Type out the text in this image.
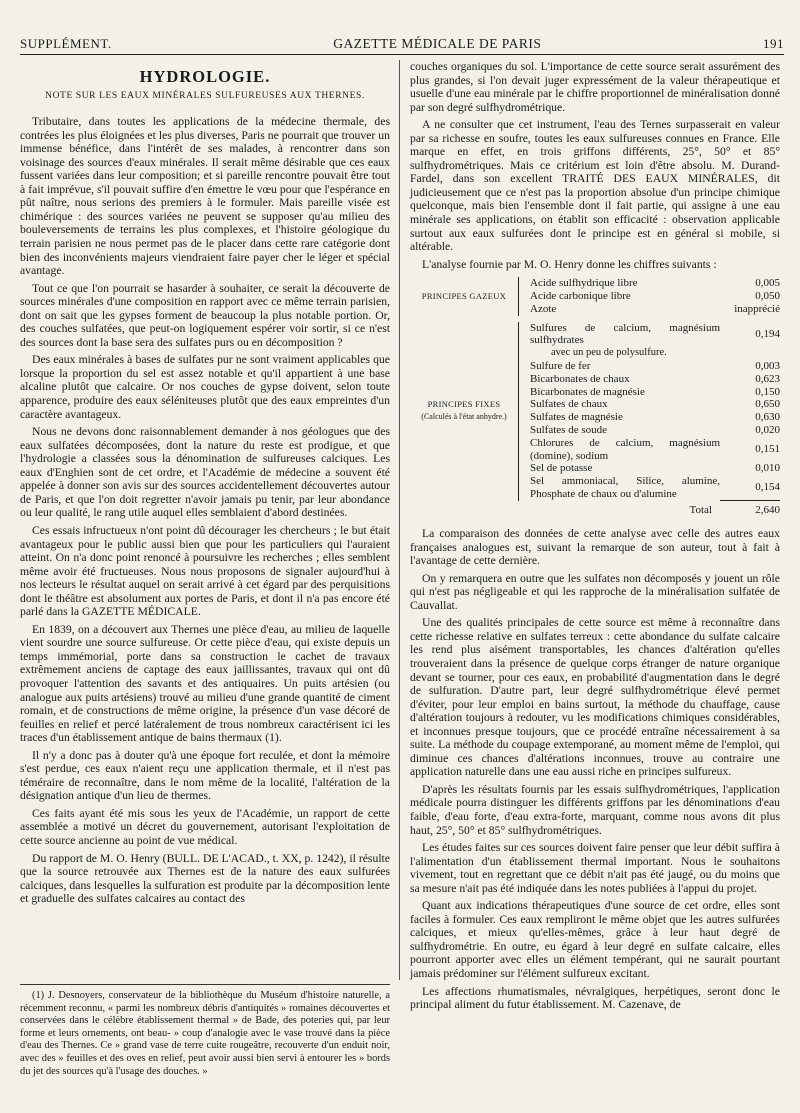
SUPPLÉMENT.	GAZETTE MÉDICALE DE PARIS	191
HYDROLOGIE.
NOTE SUR LES EAUX MINÉRALES SULFUREUSES AUX THERNES.

Tributaire, dans toutes les applications de la médecine thermale, des contrées les plus éloignées et les plus diverses, Paris ne pourrait que trouver un immense bénéfice, dans l'intérêt de ses malades, à rencontrer dans son voisinage des sources d'eaux minérales. Il serait même désirable que ces eaux fussent variées dans leur composition; et si pareille rencontre pouvait être tout à fait imprévue, s'il pouvait suffire d'en émettre le vœu pour que l'espérance en pût naître, nous serions des premiers à le formuler. Mais pareille visée est chimérique : des sources variées ne peuvent se supposer qu'au milieu des bouleversements de terrains les plus complexes, et l'histoire géologique du terrain parisien ne nous permet pas de le placer dans cette rare catégorie dont bien des inconvénients majeurs viendraient faire payer cher le léger et spécial avantage.

Tout ce que l'on pourrait se hasarder à souhaiter, ce serait la découverte de sources minérales d'une composition en rapport avec ce même terrain parisien, dont on sait que les gypses forment de beaucoup la plus notable portion. Or, des couches sulfatées, que peut-on logiquement espérer voir sortir, si ce n'est des sources dont la base sera des sulfates purs ou en décomposition ?

Des eaux minérales à bases de sulfates pur ne sont vraiment applicables que lorsque la proportion du sel est assez notable et qu'il appartient à une base alcaline plutôt que calcaire. Or nos couches de gypse doivent, selon toute apparence, produire des eaux séléniteuses plutôt que des eaux empreintes d'un caractère avantageux.

Nous ne devons donc raisonnablement demander à nos géologues que des eaux sulfatées décomposées, dont la nature du reste est prodigue, et que l'hydrologie a classées sous la dénomination de sulfureuses calciques. Les eaux d'Enghien sont de cet ordre, et l'Académie de médecine a souvent été appelée à donner son avis sur des sources accidentellement découvertes autour de Paris, et que l'on doit regretter n'avoir jamais pu tenir, par leur abondance ou leur qualité, le rang utile auquel elles semblaient d'abord destinées.

Ces essais infructueux n'ont point dû décourager les chercheurs ; le but était avantageux pour le public aussi bien que pour les particuliers qui l'auraient atteint. On n'a donc point renoncé à poursuivre les recherches ; elles semblent même avoir été fructueuses. Nous nous proposons de signaler aujourd'hui à nos lecteurs le résultat auquel on serait arrivé à cet égard par des perquisitions dont le théâtre est absolument aux portes de Paris, et dont il n'a pas encore été parlé dans la GAZETTE MÉDICALE.

En 1839, on a découvert aux Thernes une pièce d'eau, au milieu de laquelle vient sourdre une source sulfureuse. Or cette pièce d'eau, qui existe depuis un temps immémorial, porte dans sa construction le cachet de travaux extrêmement anciens de captage des eaux jaillissantes, travaux qui ont dû provoquer l'attention des savants et des antiquaires. Un puits artésien (ou analogue aux puits artésiens) trouvé au milieu d'une grande quantité de ciment romain, et de constructions de même origine, la présence d'un vase décoré de feuilles en relief et percé latéralement de trous nombreux caractérisent ici les traces d'un établissement antique de bains thermaux (1).

Il n'y a donc pas à douter qu'à une époque fort reculée, et dont la mémoire s'est perdue, ces eaux n'aient reçu une application thermale, et il n'est pas téméraire de reconnaître, dans le nom même de la localité, l'altération de la désignation antique d'un lieu de thermes.

Ces faits ayant été mis sous les yeux de l'Académie, un rapport de cette assemblée a motivé un décret du gouvernement, autorisant l'exploitation de cette source ancienne au point de vue médical.

Du rapport de M. O. Henry (BULL. DE L'ACAD., t. XX, p. 1242), il résulte que la source retrouvée aux Thernes est de la nature des eaux sulfurées calciques, dans lesquelles la sulfuration est produite par la décomposition lente et graduelle des sulfates calcaires au contact des

(1) J. Desnoyers, conservateur de la bibliothèque du Muséum d'histoire naturelle, a récemment reconnu, « parmi les nombreux débris d'antiquités » romaines découvertes et conservées dans le célèbre établissement thermal » de Bade, des poteries qui, par leur forme et leurs ornements, ont beau- » coup d'analogie avec le vase trouvé dans la pièce d'eau des Thernes. Ce » grand vase de terre cuite rougeâtre, recouverte d'un enduit noir, avec des » feuilles et des oves en relief, peut avoir aussi bien servi à entourer les » bords du jet des sources qu'à l'usage des douches. »

couches organiques du sol. L'importance de cette source serait assurément des plus grandes, si l'on devait juger expressément de la valeur thérapeutique et usuelle d'une eau minérale par le chiffre proportionnel de minéralisation donné par son degré sulfhydrométrique.

A ne consulter que cet instrument, l'eau des Ternes surpasserait en valeur par sa richesse en soufre, toutes les eaux sulfureuses connues en France. Elle marque en effet, en trois griffons différents, 25°, 50° et 85° sulfhydrométriques. Mais ce critérium est loin d'être absolu. M. Durand-Fardel, dans son excellent TRAITÉ DES EAUX MINÉRALES, dit judicieusement que ce n'est pas la proportion absolue d'un principe chimique quelconque, mais bien l'ensemble dont il fait partie, qui assigne à une eau minérale ses applications, on établit son efficacité : observation applicable surtout aux eaux sulfurées dont le principe est en général si mobile, si altérable.

L'analyse fournie par M. O. Henry donne les chiffres suivants :

PRINCIPES GAZEUX		Acide sulfhydrique libre	0,005
		Acide carbonique libre	0,050
		Azote	inapprécié

PRINCIPES FIXES
(Calculés à l'état anhydre.)		Sulfures de calcium, magnésium sulfhydrates	0,194
		avec un peu de polysulfure.	
		Sulfure de fer	0,003
		Bicarbonates de chaux	0,623
		Bicarbonates de magnésie	0,150
		Sulfates de chaux	0,650
		Sulfates de magnésie	0,630
		Sulfates de soude	0,020
		Chlorures de calcium, magnésium (domine), sodium	0,151
		Sel de potasse	0,010
		Sel ammoniacal, Silice, alumine, Phosphate de chaux ou d'alumine	0,154
		Total	2,640

La comparaison des données de cette analyse avec celle des autres eaux françaises analogues est, suivant la remarque de son auteur, tout à fait à l'avantage de cette dernière.

On y remarquera en outre que les sulfates non décomposés y jouent un rôle qui n'est pas négligeable et qui les rapproche de la minéralisation sulfatée de Cauvallat.

Une des qualités principales de cette source est même à reconnaître dans cette richesse relative en sulfates terreux : cette abondance du sulfate calcaire les rend plus aisément transportables, les chances d'altération qu'elles trouveraient dans la présence de quelque corps étranger de nature organique devant se tourner, pour ces eaux, en probabilité d'augmentation dans le degré de sulfuration. D'autre part, leur degré sulfhydrométrique élevé permet d'éviter, pour leur emploi en bains surtout, la méthode du chauffage, cause d'altération toujours à redouter, vu les modifications chimiques considérables, et inconnues presque toujours, que ce procédé entraîne nécessairement à sa suite. La méthode du coupage extemporané, au moment même de l'emploi, qui diminue ces chances d'altérations inconnues, trouve au contraire une application naturelle dans une eau aussi riche en principes sulfureux.

D'après les résultats fournis par les essais sulfhydrométriques, l'application médicale pourra distinguer les différents griffons par les dénominations d'eau faible, d'eau forte, d'eau extra-forte, marquant, comme nous avons dit plus haut, 25°, 50° et 85° sulfhydrométriques.

Les études faites sur ces sources doivent faire penser que leur débit suffira à l'alimentation d'un établissement thermal important. Nous le souhaitons vivement, tout en regrettant que ce débit n'ait pas été jaugé, ou du moins que sa mesure n'ait pas été indiquée dans les notes publiées à l'appui du projet.

Quant aux indications thérapeutiques d'une source de cet ordre, elles sont faciles à formuler. Ces eaux rempliront le même objet que les autres sulfurées calciques, et mieux qu'elles-mêmes, grâce à leur haut degré de sulfhydrométrie. En outre, eu égard à leur degré en sulfate calcaire, elles pourront apporter avec elles un élément tempérant, qui ne saurait pourtant jamais prédominer sur l'élément sulfureux excitant.

Les affections rhumatismales, névralgiques, herpétiques, seront donc le principal aliment du futur établissement. M. Cazenave, de
